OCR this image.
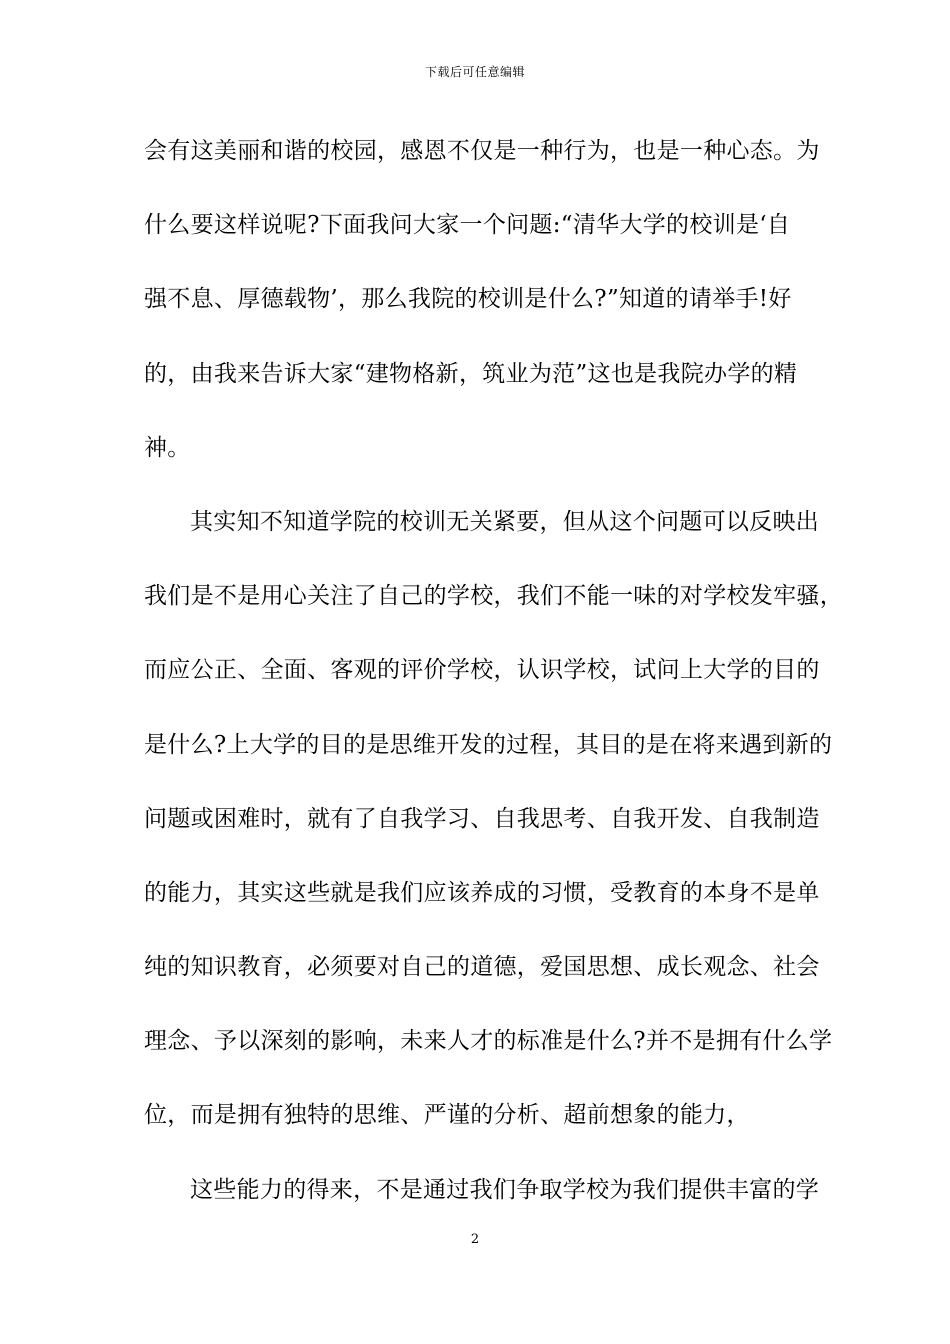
下载后可任意编辑
会有这美丽和谐的校园，感恩不仅是一种行为，也是一种心态。为
什么要这样说呢?下面我问大家一个问题:“清华大学的校训是‘自
强不息、厚德载物’，那么我院的校训是什么?”知道的请举手!好
的，由我来告诉大家“建物格新，筑业为范”这也是我院办学的精
神。
其实知不知道学院的校训无关紧要，但从这个问题可以反映出
我们是不是用心关注了自己的学校，我们不能一味的对学校发牢骚，
而应公正、全面、客观的评价学校，认识学校，试问上大学的目的
是什么?上大学的目的是思维开发的过程，其目的是在将来遇到新的
问题或困难时，就有了自我学习、自我思考、自我开发、自我制造
的能力，其实这些就是我们应该养成的习惯，受教育的本身不是单
纯的知识教育，必须要对自己的道德，爱国思想、成长观念、社会
理念、予以深刻的影响，未来人才的标准是什么?并不是拥有什么学
位，而是拥有独特的思维、严谨的分析、超前想象的能力，
这些能力的得来，不是通过我们争取学校为我们提供丰富的学
2
